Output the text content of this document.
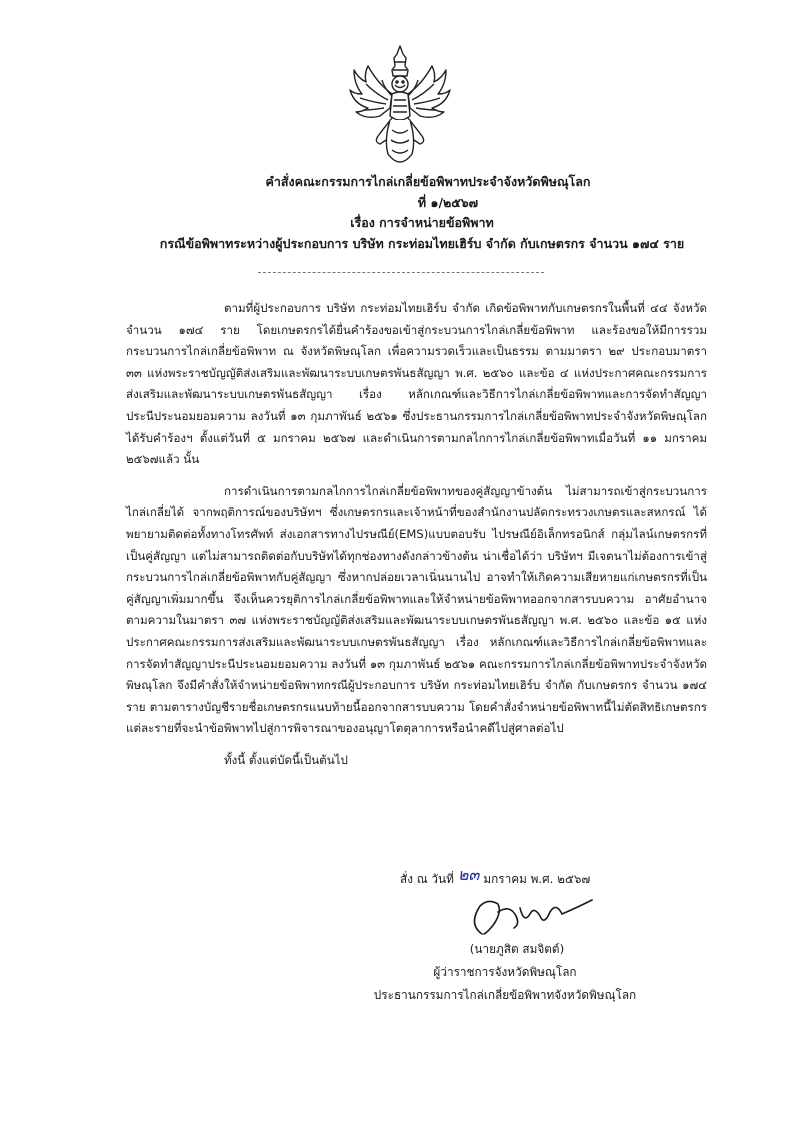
คำสั่งคณะกรรมการไกล่เกลี่ยข้อพิพาทประจำจังหวัดพิษณุโลก
ที่ ๑/๒๕๖๗
เรื่อง การจำหน่ายข้อพิพาท
กรณีข้อพิพาทระหว่างผู้ประกอบการ บริษัท กระท่อมไทยเฮิร์บ จำกัด กับเกษตรกร จำนวน ๑๗๔ ราย

ตามที่ผู้ประกอบการ บริษัท กระท่อมไทยเฮิร์บ จำกัด เกิดข้อพิพาทกับเกษตรกรในพื้นที่ ๔๔ จังหวัด จำนวน ๑๗๔ ราย โดยเกษตรกรได้ยื่นคำร้องขอเข้าสู่กระบวนการไกล่เกลี่ยข้อพิพาท และร้องขอให้มีการรวมกระบวนการไกล่เกลี่ยข้อพิพาท ณ จังหวัดพิษณุโลก เพื่อความรวดเร็วและเป็นธรรม ตามมาตรา ๒๙ ประกอบมาตรา ๓๓ แห่งพระราชบัญญัติส่งเสริมและพัฒนาระบบเกษตรพันธสัญญา พ.ศ. ๒๕๖๐ และข้อ ๔ แห่งประกาศคณะกรรมการส่งเสริมและพัฒนาระบบเกษตรพันธสัญญา เรื่อง หลักเกณฑ์และวิธีการไกล่เกลี่ยข้อพิพาทและการจัดทำสัญญาประนีประนอมยอมความ ลงวันที่ ๑๓ กุมภาพันธ์ ๒๕๖๑ ซึ่งประธานกรรมการไกล่เกลี่ยข้อพิพาทประจำจังหวัดพิษณุโลก ได้รับคำร้องฯ ตั้งแต่วันที่ ๕ มกราคม ๒๕๖๗ และดำเนินการตามกลไกการไกล่เกลี่ยข้อพิพาทเมื่อวันที่ ๑๑ มกราคม ๒๕๖๗แล้ว นั้น

การดำเนินการตามกลไกการไกล่เกลี่ยข้อพิพาทของคู่สัญญาข้างต้น ไม่สามารถเข้าสู่กระบวนการไกล่เกลี่ยได้ จากพฤติการณ์ของบริษัทฯ ซึ่งเกษตรกรและเจ้าหน้าที่ของสำนักงานปลัดกระทรวงเกษตรและสหกรณ์ ได้พยายามติดต่อทั้งทางโทรศัพท์ ส่งเอกสารทางไปรษณีย์(EMS)แบบตอบรับ ไปรษณีย์อิเล็กทรอนิกส์ กลุ่มไลน์เกษตรกรที่เป็นคู่สัญญา แต่ไม่สามารถติดต่อกับบริษัทได้ทุกช่องทางดังกล่าวข้างต้น น่าเชื่อได้ว่า บริษัทฯ มีเจตนาไม่ต้องการเข้าสู่กระบวนการไกล่เกลี่ยข้อพิพาทกับคู่สัญญา ซึ่งหากปล่อยเวลาเนิ่นนานไป อาจทำให้เกิดความเสียหายแก่เกษตรกรที่เป็นคู่สัญญาเพิ่มมากขึ้น จึงเห็นควรยุติการไกล่เกลี่ยข้อพิพาทและให้จำหน่ายข้อพิพาทออกจากสารบบความ อาศัยอำนาจตามความในมาตรา ๓๗ แห่งพระราชบัญญัติส่งเสริมและพัฒนาระบบเกษตรพันธสัญญา พ.ศ. ๒๕๖๐ และข้อ ๑๕ แห่งประกาศคณะกรรมการส่งเสริมและพัฒนาระบบเกษตรพันธสัญญา เรื่อง หลักเกณฑ์และวิธีการไกล่เกลี่ยข้อพิพาทและการจัดทำสัญญาประนีประนอมยอมความ ลงวันที่ ๑๓ กุมภาพันธ์ ๒๕๖๑ คณะกรรมการไกล่เกลี่ยข้อพิพาทประจำจังหวัดพิษณุโลก จึงมีคำสั่งให้จำหน่ายข้อพิพาทกรณีผู้ประกอบการ บริษัท กระท่อมไทยเฮิร์บ จำกัด กับเกษตรกร จำนวน ๑๗๔ ราย ตามตารางบัญชีรายชื่อเกษตรกรแนบท้ายนี้ออกจากสารบบความ โดยคำสั่งจำหน่ายข้อพิพาทนี้ไม่ตัดสิทธิเกษตรกรแต่ละรายที่จะนำข้อพิพาทไปสู่การพิจารณาของอนุญาโตตุลาการหรือนำคดีไปสู่ศาลต่อไป

ทั้งนี้ ตั้งแต่บัดนี้เป็นต้นไป

สั่ง ณ วันที่ ๒๓ มกราคม พ.ศ. ๒๕๖๗
(นายภูสิต สมจิตต์)
ผู้ว่าราชการจังหวัดพิษณุโลก
ประธานกรรมการไกล่เกลี่ยข้อพิพาทจังหวัดพิษณุโลก
